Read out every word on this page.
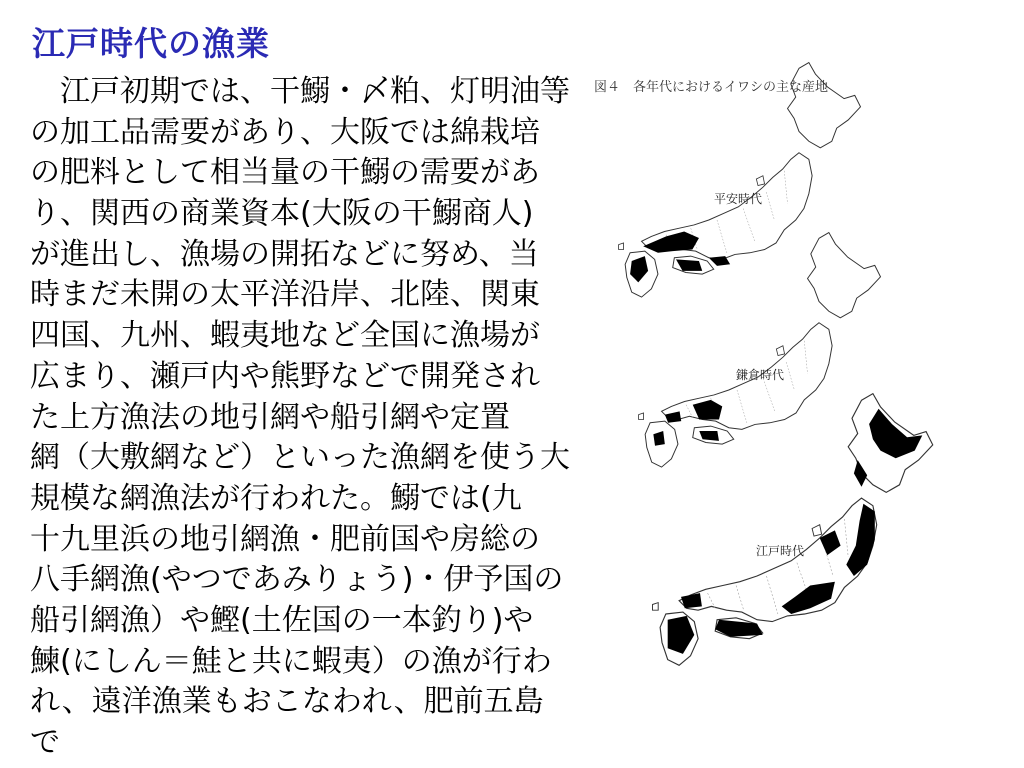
江戸時代の漁業
　江戸初期では、干鰯・〆粕、灯明油等
の加工品需要があり、大阪では綿栽培
の肥料として相当量の干鰯の需要があ
り、関西の商業資本(大阪の干鰯商人)
が進出し、漁場の開拓などに努め、当
時まだ未開の太平洋沿岸、北陸、関東
四国、九州、蝦夷地など全国に漁場が
広まり、瀬戸内や熊野などで開発され
た上方漁法の地引網や船引網や定置
網（大敷網など）といった漁網を使う大
規模な網漁法が行われた。鰯では(九
十九里浜の地引網漁・肥前国や房総の
八手網漁(やつであみりょう)・伊予国の
船引網漁）や鰹(土佐国の一本釣り)や
鰊(にしん＝鮭と共に蝦夷）の漁が行わ
れ、遠洋漁業もおこなわれ、肥前五島
で
図４　各年代におけるイワシの主な産地
平安時代
鎌倉時代
江戸時代
